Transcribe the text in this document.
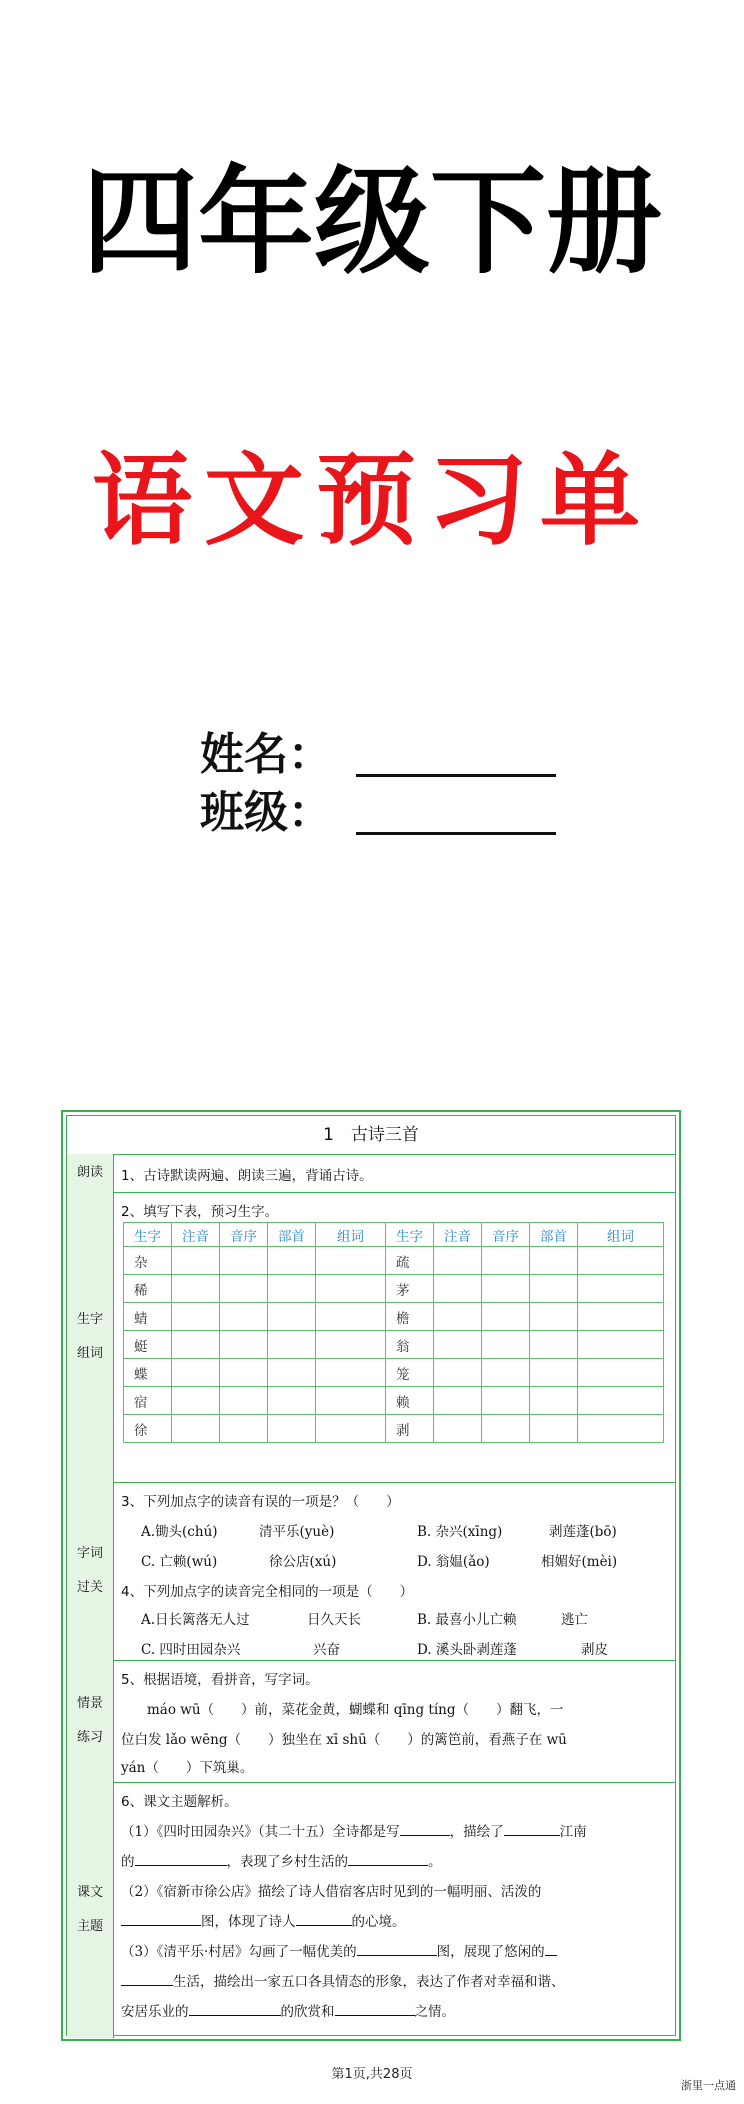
四年级下册
语文预习单
姓名：
班级：
1　古诗三首
朗读 1、古诗默读两遍、朗读三遍，背诵古诗。
生字
组词
2、填写下表，预习生字。
生字	注音	音序	部首	组词	生字	注音	音序	部首	组词
杂					疏				
稀					茅				
蜻					檐				
蜓					翁				
蝶					笼				
宿					赖				
徐					剥				
字词
过关
3、下列加点字的读音有误的一项是？（　　）
A.锄头(chú)	清平乐(yuè)	B. 杂兴(xīng)	剥莲蓬(bō)
C. 亡赖(wú)	徐公店(xú)	D. 翁媪(ǎo)	相媚好(mèi)
4、下列加点字的读音完全相同的一项是（　　）
A.日长篱落无人过	日久天长	B. 最喜小儿亡赖	逃亡
C. 四时田园杂兴	兴奋	D. 溪头卧剥莲蓬	剥皮
情景
练习
5、根据语境，看拼音，写字词。
máo wū（　　）前，菜花金黄，蝴蝶和 qīng tíng（　　）翻飞，一
位白发 lǎo wēng（　　）独坐在 xī shū（　　）的篱笆前，看燕子在 wū
yán（　　）下筑巢。
课文
主题
6、课文主题解析。
（1）《四时田园杂兴》（其二十五）全诗都是写	，描绘了	江南
的	，表现了乡村生活的	。
（2）《宿新市徐公店》描绘了诗人借宿客店时见到的一幅明丽、活泼的
图，体现了诗人	的心境。
（3）《清平乐·村居》勾画了一幅优美的	图，展现了悠闲的
生活，描绘出一家五口各具情态的形象，表达了作者对幸福和谐、
安居乐业的	的欣赏和	之情。
第1页,共28页
浙里一点通
